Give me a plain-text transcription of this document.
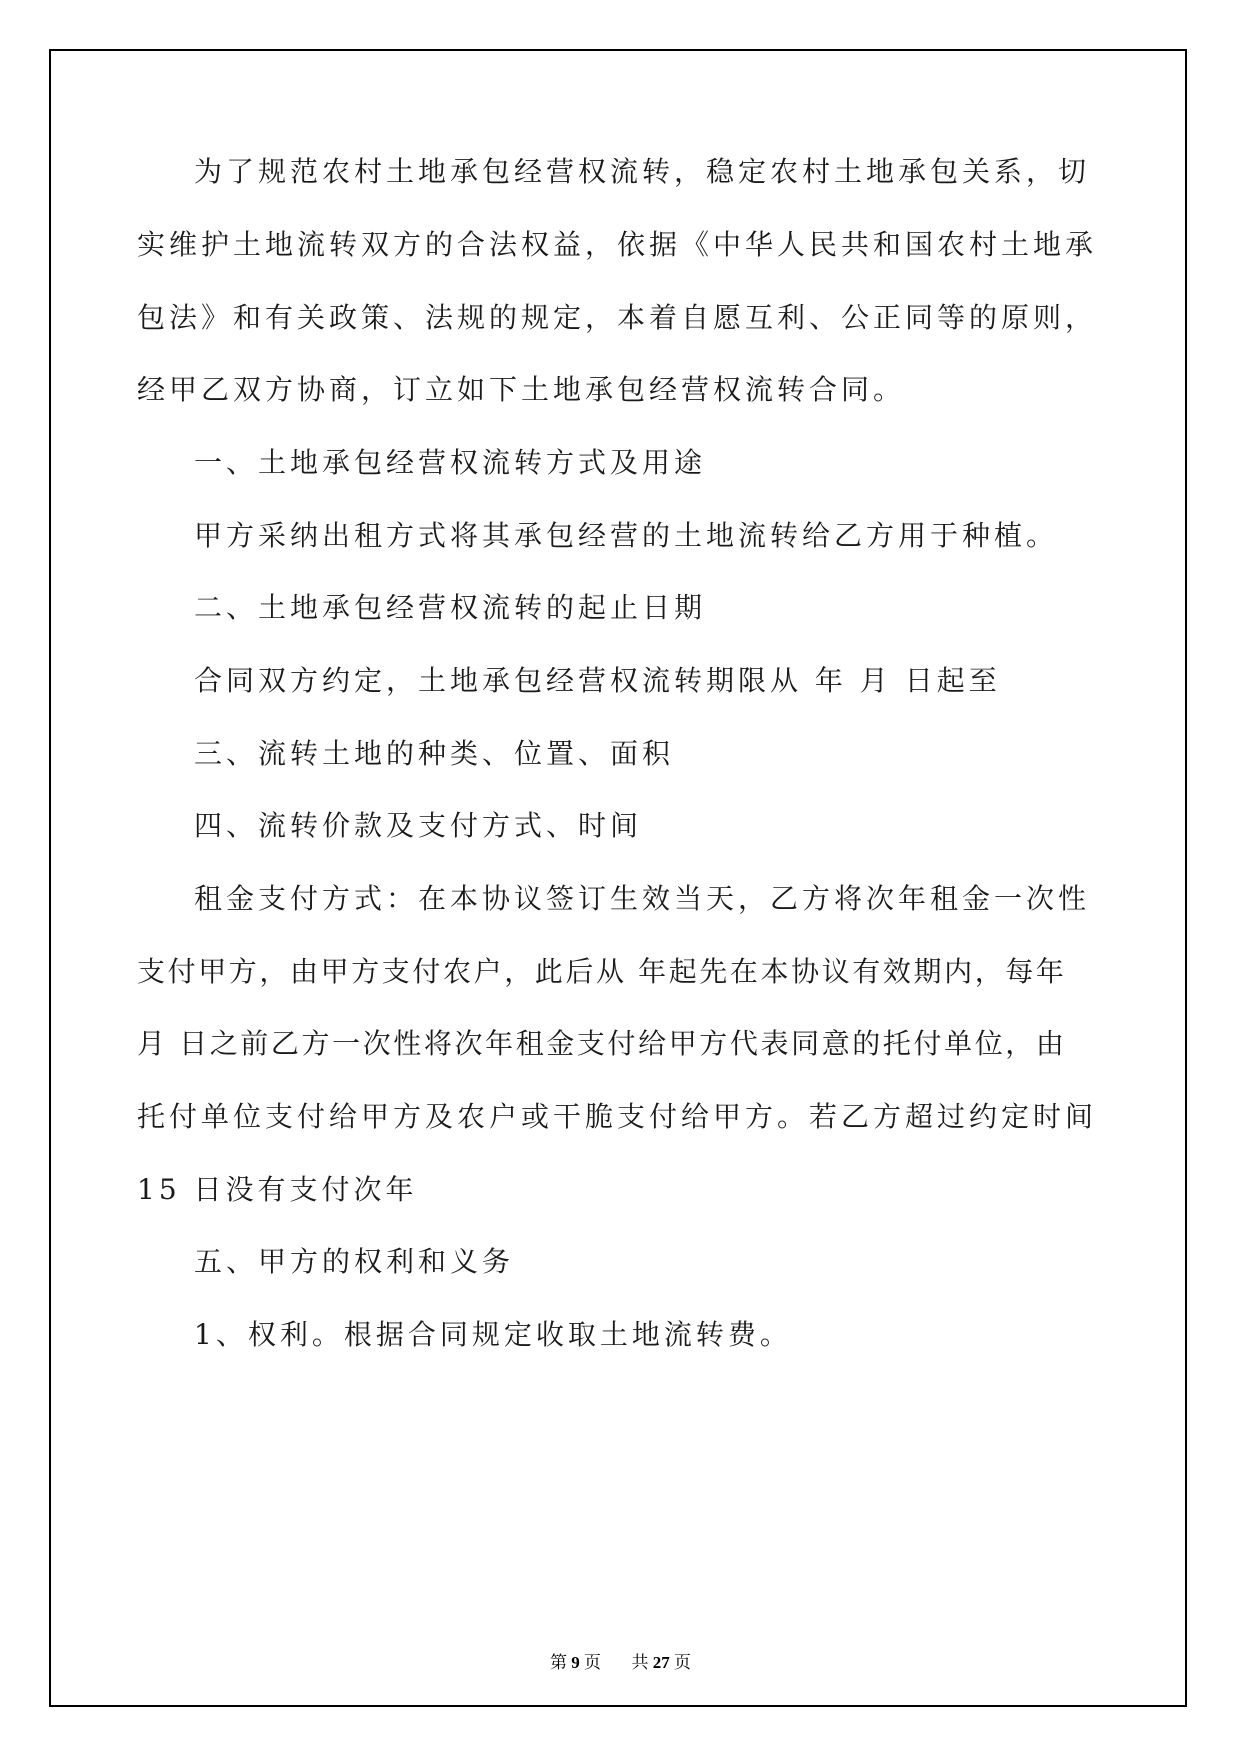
为了规范农村土地承包经营权流转，稳定农村土地承包关系，切
实维护土地流转双方的合法权益，依据《中华人民共和国农村土地承
包法》和有关政策、法规的规定，本着自愿互利、公正同等的原则，
经甲乙双方协商，订立如下土地承包经营权流转合同。
一、土地承包经营权流转方式及用途
甲方采纳出租方式将其承包经营的土地流转给乙方用于种植。
二、土地承包经营权流转的起止日期
合同双方约定，土地承包经营权流转期限从 年 月 日起至
三、流转土地的种类、位置、面积
四、流转价款及支付方式、时间
租金支付方式：在本协议签订生效当天，乙方将次年租金一次性
支付甲方，由甲方支付农户，此后从 年起先在本协议有效期内，每年
月 日之前乙方一次性将次年租金支付给甲方代表同意的托付单位，由
托付单位支付给甲方及农户或干脆支付给甲方。若乙方超过约定时间
15 日没有支付次年
五、甲方的权利和义务
1、权利。根据合同规定收取土地流转费。
第 9 页 共 27 页
